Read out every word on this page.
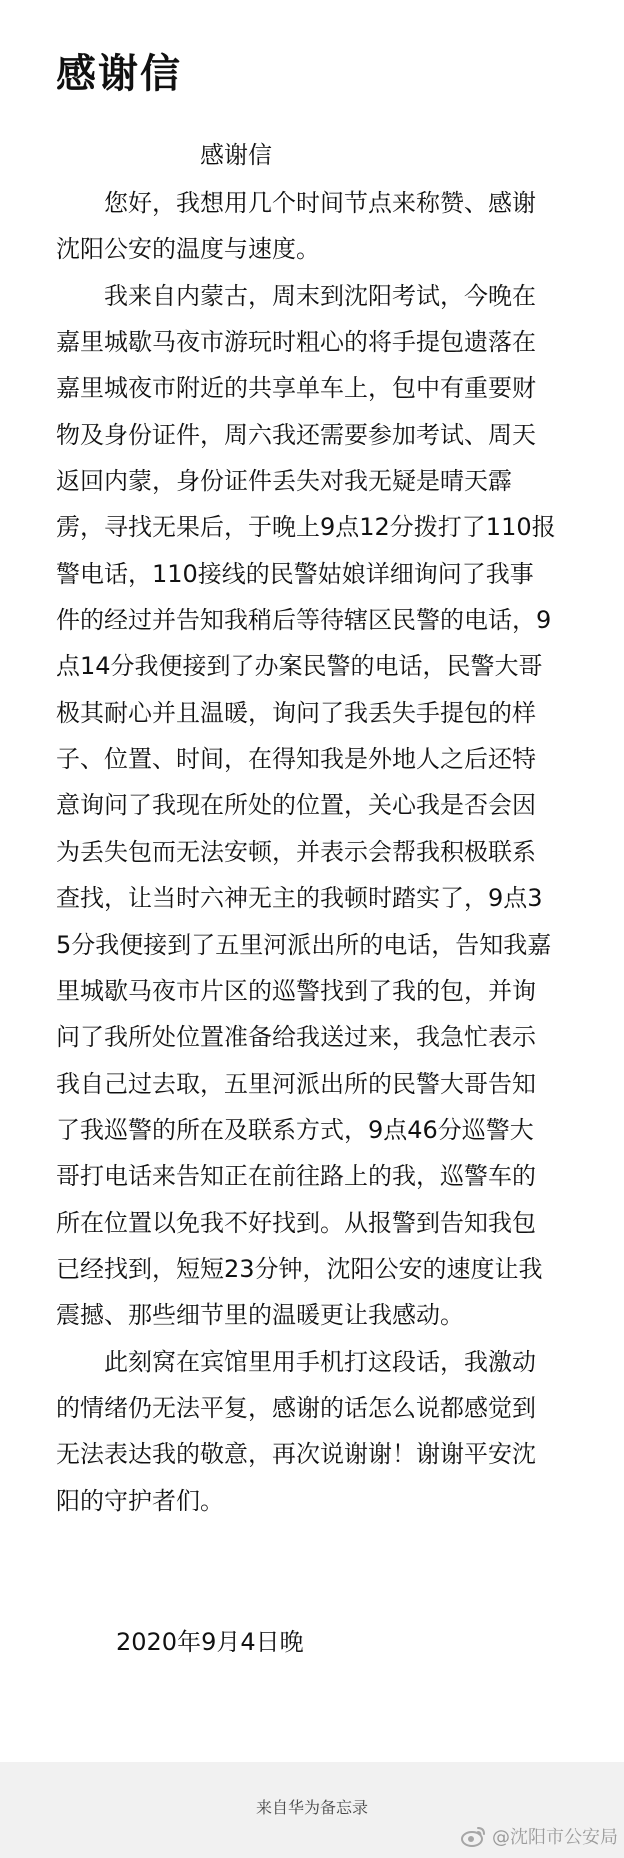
感谢信
感谢信

您好，我想用几个时间节点来称赞、感谢沈阳公安的温度与速度。

我来自内蒙古，周末到沈阳考试，今晚在嘉里城歇马夜市游玩时粗心的将手提包遗落在嘉里城夜市附近的共享单车上，包中有重要财物及身份证件，周六我还需要参加考试、周天返回内蒙，身份证件丢失对我无疑是晴天霹雳，寻找无果后，于晚上9点12分拨打了110报警电话，110接线的民警姑娘详细询问了我事件的经过并告知我稍后等待辖区民警的电话，9点14分我便接到了办案民警的电话，民警大哥极其耐心并且温暖，询问了我丢失手提包的样子、位置、时间，在得知我是外地人之后还特意询问了我现在所处的位置，关心我是否会因为丢失包而无法安顿，并表示会帮我积极联系查找，让当时六神无主的我顿时踏实了，9点35分我便接到了五里河派出所的电话，告知我嘉里城歇马夜市片区的巡警找到了我的包，并询问了我所处位置准备给我送过来，我急忙表示我自己过去取，五里河派出所的民警大哥告知了我巡警的所在及联系方式，9点46分巡警大哥打电话来告知正在前往路上的我，巡警车的所在位置以免我不好找到。从报警到告知我包已经找到，短短23分钟，沈阳公安的速度让我震撼、那些细节里的温暖更让我感动。

此刻窝在宾馆里用手机打这段话，我激动的情绪仍无法平复，感谢的话怎么说都感觉到无法表达我的敬意，再次说谢谢！谢谢平安沈阳的守护者们。

2020年9月4日晚
来自华为备忘录
@沈阳市公安局
